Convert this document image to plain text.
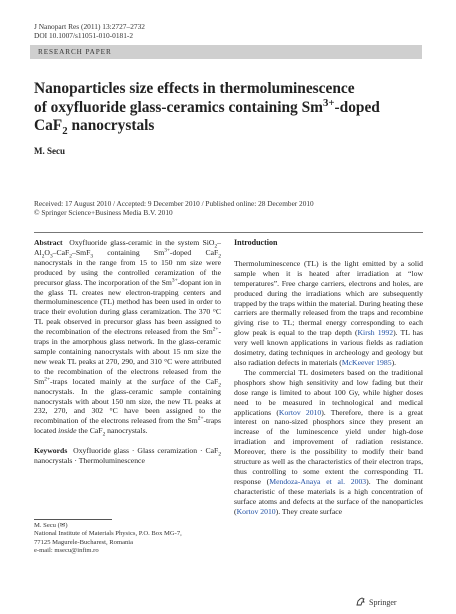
J Nanopart Res (2011) 13:2727–2732
DOI 10.1007/s11051-010-0181-2
RESEARCH PAPER
Nanoparticles size effects in thermoluminescence
of oxyfluoride glass-ceramics containing $Sm^{3+}$-doped
CaF$_2$ nanocrystals
M. Secu
Received: 17 August 2010 / Accepted: 9 December 2010 / Published online: 28 December 2010
© Springer Science+Business Media B.V. 2010
Abstract Oxyfluoride glass-ceramic in the system $SiO_2-Al_2O_3-CaF_2-SmF_3$ containing $Sm^{3+}$-doped CaF$_2$ nanocrystals in the range from 15 to 150 nm size were produced by using the controlled ceramization of the precursor glass. The incorporation of the $Sm^{3+}$-dopant ion in the glass TL creates new electron-trapping centers and thermoluminescence (TL) method has been used in order to trace their evolution during glass ceramization. The 370 °C TL peak observed in precursor glass has been assigned to the recombination of the electrons released from the $Sm^{2+}$-traps in the amorphous glass network. In the glass-ceramic sample containing nanocrystals with about 15 nm size the new weak TL peaks at 270, 290, and 310 °C were attributed to the recombination of the electrons released from the $Sm^{2+}$-traps located mainly at the surface of the CaF$_2$ nanocrystals. In the glass-ceramic sample containing nanocrystals with about 150 nm size, the new TL peaks at 232, 270, and 302 °C have been assigned to the recombination of the electrons released from the $Sm^{2+}$-traps located inside the CaF$_2$ nanocrystals.
Keywords Oxyfluoride glass · Glass ceramization · CaF$_2$ nanocrystals · Thermoluminescence
M. Secu (✉)
National Institute of Materials Physics, P.O. Box MG-7,
77125 Magurele-Bucharest, Romania
e-mail: msecu@infim.ro
Introduction
Thermoluminescence (TL) is the light emitted by a solid sample when it is heated after irradiation at “low temperatures”. Free charge carriers, electrons and holes, are produced during the irradiations which are subsequently trapped by the traps within the material. During heating these carriers are thermally released from the traps and recombine giving rise to TL; thermal energy corresponding to each glow peak is equal to the trap depth (Kirsh 1992). TL has very well known applications in various fields as radiation dosimetry, dating techniques in archeology and geology but also radiation defects in materials (McKeever 1985).
The commercial TL dosimeters based on the traditional phosphors show high sensitivity and low fading but their dose range is limited to about 100 Gy, while higher doses need to be measured in technological and medical applications (Kortov 2010). Therefore, there is a great interest on nano-sized phosphors since they present an increase of the luminescence yield under high-dose irradiation and improvement of radiation resistance. Moreover, there is the possibility to modify their band structure as well as the characteristics of their electron traps, thus controlling to some extent the corresponding TL response (Mendoza-Anaya et al. 2003). The dominant characteristic of these materials is a high concentration of surface atoms and defects at the surface of the nanoparticles (Kortov 2010). They create surface
Springer
